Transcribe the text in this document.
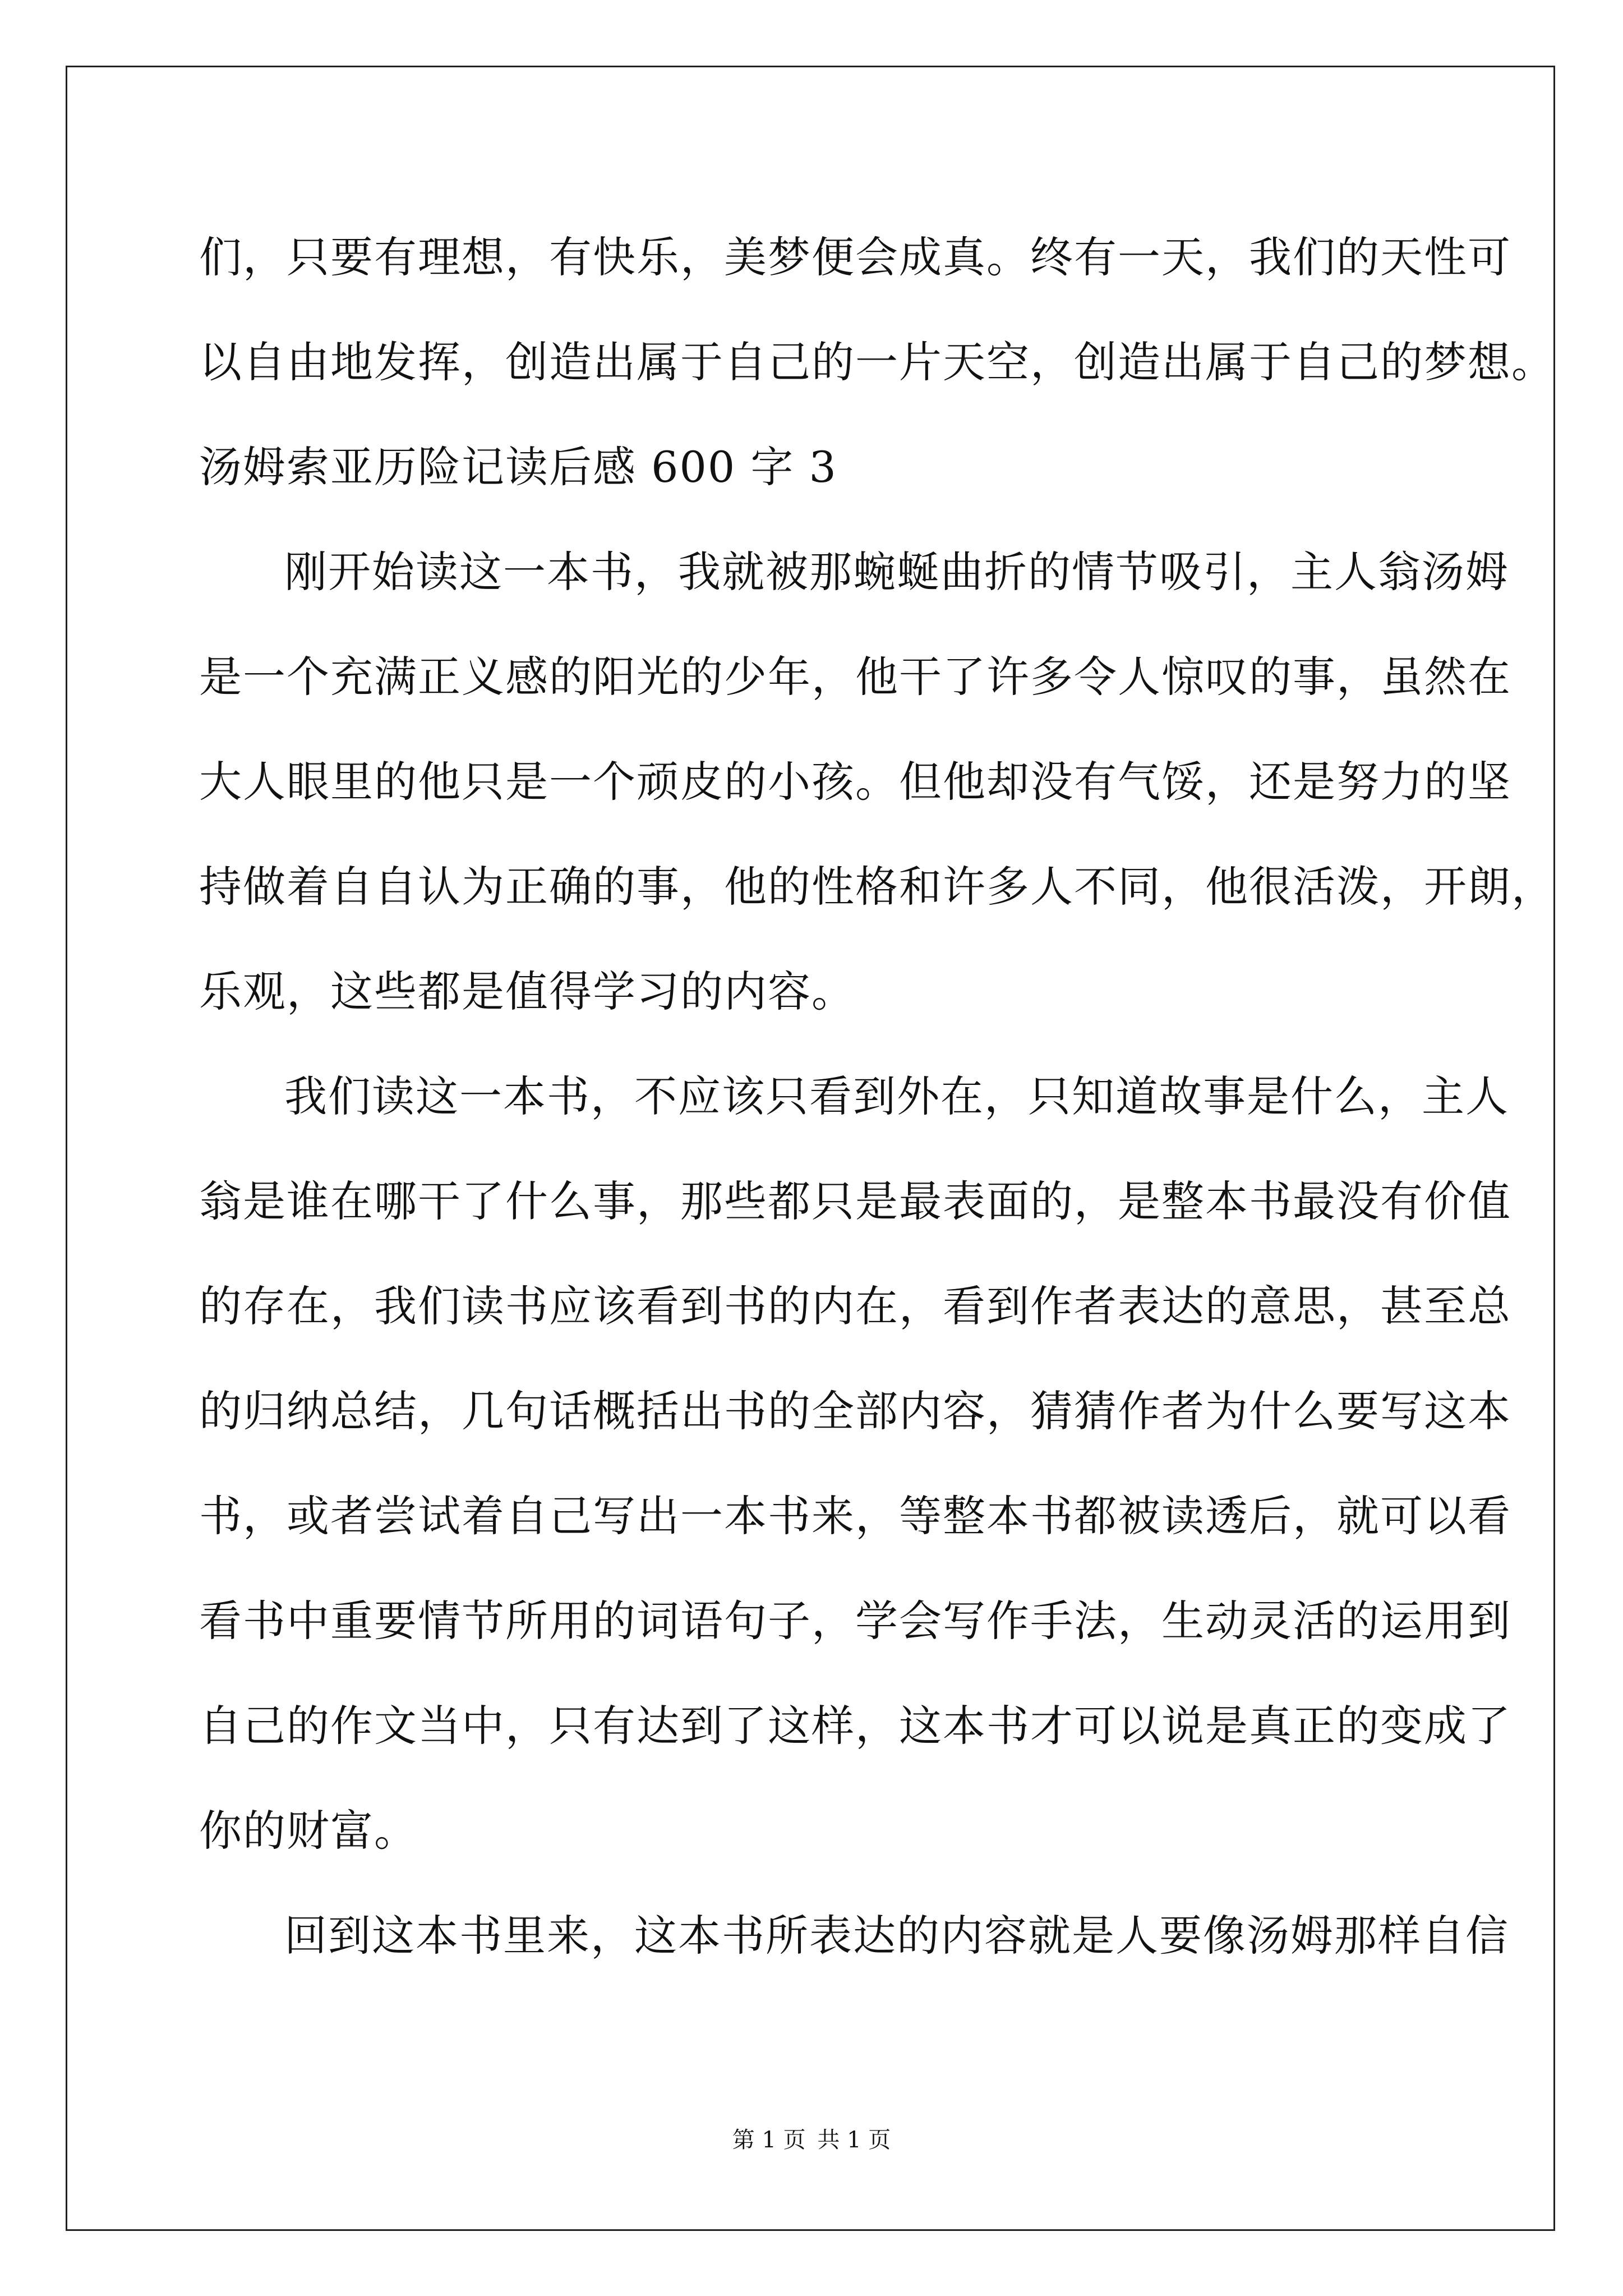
们，只要有理想，有快乐，美梦便会成真。终有一天，我们的天性可
以自由地发挥，创造出属于自己的一片天空，创造出属于自己的梦想。
汤姆索亚历险记读后感 600 字 3
刚开始读这一本书，我就被那蜿蜒曲折的情节吸引，主人翁汤姆
是一个充满正义感的阳光的少年，他干了许多令人惊叹的事，虽然在
大人眼里的他只是一个顽皮的小孩。但他却没有气馁，还是努力的坚
持做着自自认为正确的事，他的性格和许多人不同，他很活泼，开朗，
乐观，这些都是值得学习的内容。
我们读这一本书，不应该只看到外在，只知道故事是什么，主人
翁是谁在哪干了什么事，那些都只是最表面的，是整本书最没有价值
的存在，我们读书应该看到书的内在，看到作者表达的意思，甚至总
的归纳总结，几句话概括出书的全部内容，猜猜作者为什么要写这本
书，或者尝试着自己写出一本书来，等整本书都被读透后，就可以看
看书中重要情节所用的词语句子，学会写作手法，生动灵活的运用到
自己的作文当中，只有达到了这样，这本书才可以说是真正的变成了
你的财富。
回到这本书里来，这本书所表达的内容就是人要像汤姆那样自信
第 1 页 共 1 页
